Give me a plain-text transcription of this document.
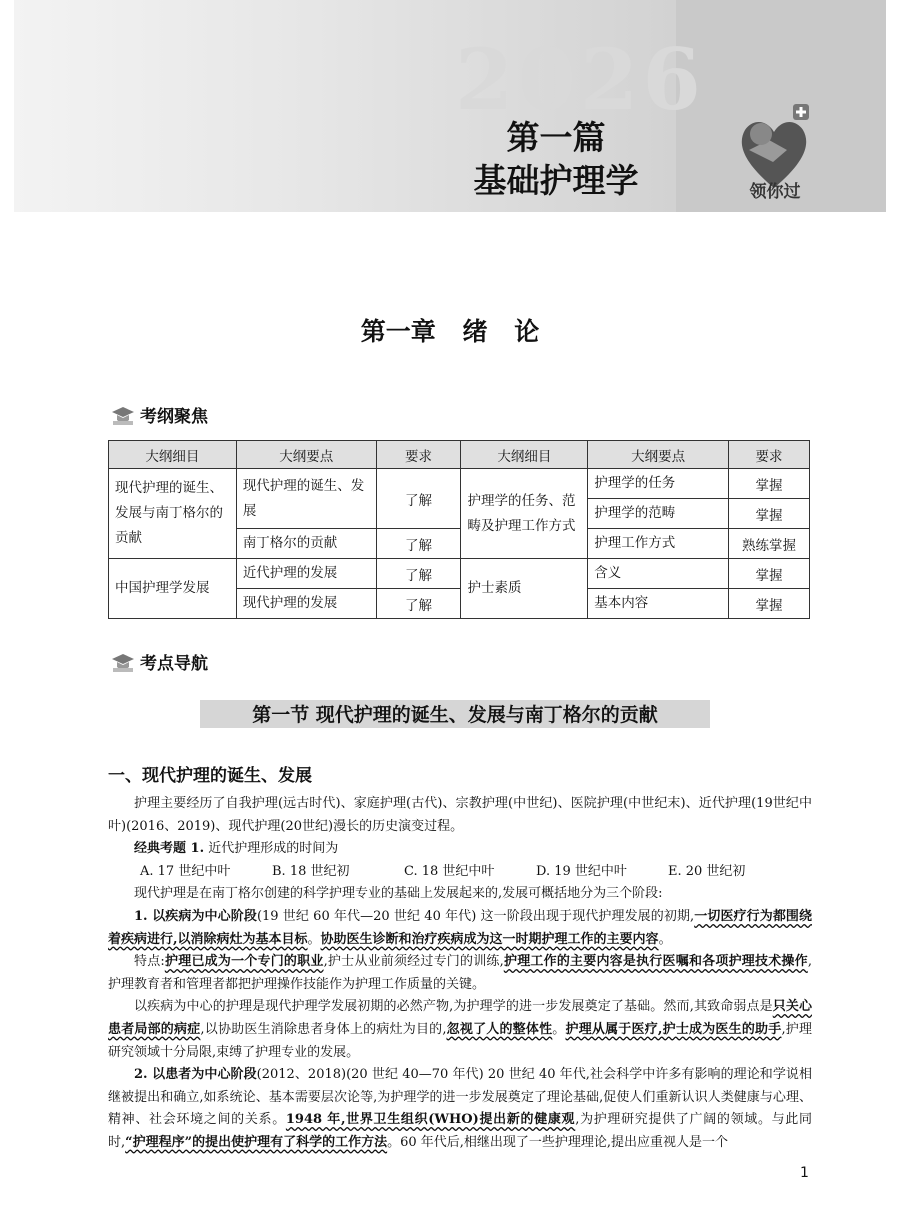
2026
第一篇
基础护理学	领你过
第一章 绪 论
考纲聚焦
大纲细目	大纲要点	要求	大纲细目	大纲要点	要求
现代护理的诞生、发展与南丁格尔的贡献	现代护理的诞生、发展	了解	护理学的任务、范畴及护理工作方式	护理学的任务	掌握
				护理学的范畴	掌握
	南丁格尔的贡献	了解		护理工作方式	熟练掌握
中国护理学发展	近代护理的发展	了解	护士素质	含义	掌握
	现代护理的发展	了解		基本内容	掌握
考点导航
第一节 现代护理的诞生、发展与南丁格尔的贡献
一、现代护理的诞生、发展

护理主要经历了自我护理(远古时代)、家庭护理(古代)、宗教护理(中世纪)、医院护理(中世纪末)、近代护理(19世纪中叶)(2016、2019)、现代护理(20世纪)漫长的历史演变过程。

经典考题 1. 近代护理形成的时间为

A. 17 世纪中叶	B. 18 世纪初	C. 18 世纪中叶	D. 19 世纪中叶	E. 20 世纪初

现代护理是在南丁格尔创建的科学护理专业的基础上发展起来的,发展可概括地分为三个阶段:

1. 以疾病为中心阶段(19 世纪 60 年代—20 世纪 40 年代) 这一阶段出现于现代护理发展的初期,一切医疗行为都围绕着疾病进行,以消除病灶为基本目标。协助医生诊断和治疗疾病成为这一时期护理工作的主要内容。

特点:护理已成为一个专门的职业,护士从业前须经过专门的训练,护理工作的主要内容是执行医嘱和各项护理技术操作,护理教育者和管理者都把护理操作技能作为护理工作质量的关键。

以疾病为中心的护理是现代护理学发展初期的必然产物,为护理学的进一步发展奠定了基础。然而,其致命弱点是只关心患者局部的病症,以协助医生消除患者身体上的病灶为目的,忽视了人的整体性。护理从属于医疗,护士成为医生的助手,护理研究领域十分局限,束缚了护理专业的发展。

2. 以患者为中心阶段(2012、2018)(20 世纪 40—70 年代) 20 世纪 40 年代,社会科学中许多有影响的理论和学说相继被提出和确立,如系统论、基本需要层次论等,为护理学的进一步发展奠定了理论基础,促使人们重新认识人类健康与心理、精神、社会环境之间的关系。1948 年,世界卫生组织(WHO)提出新的健康观,为护理研究提供了广阔的领域。与此同时,“护理程序”的提出使护理有了科学的工作方法。60 年代后,相继出现了一些护理理论,提出应重视人是一个

1
